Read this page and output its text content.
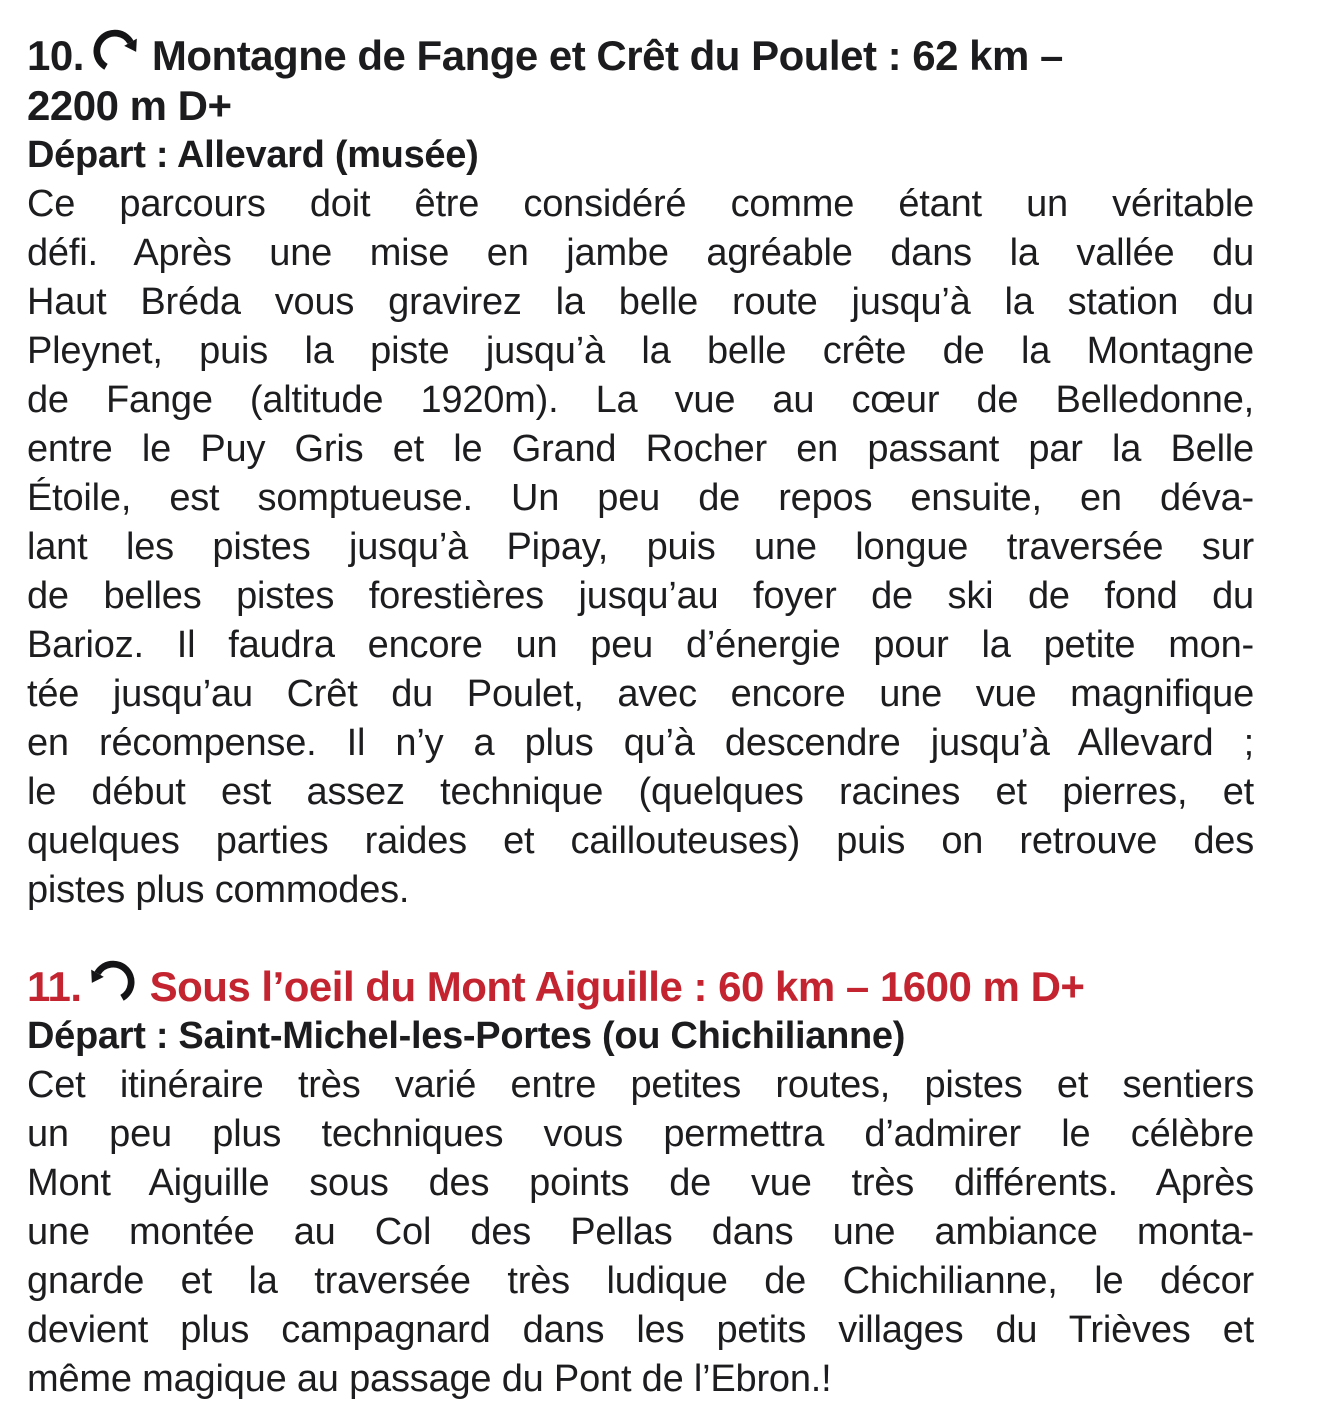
10. Montagne de Fange et Crêt du Poulet : 62 km –
2200 m D+
Départ : Allevard (musée)
Ce parcours doit être considéré comme étant un véritable
défi. Après une mise en jambe agréable dans la vallée du
Haut Bréda vous gravirez la belle route jusqu’à la station du
Pleynet, puis la piste jusqu’à la belle crête de la Montagne
de Fange (altitude 1920m). La vue au cœur de Belledonne,
entre le Puy Gris et le Grand Rocher en passant par la Belle
Étoile, est somptueuse. Un peu de repos ensuite, en déva-
lant les pistes jusqu’à Pipay, puis une longue traversée sur
de belles pistes forestières jusqu’au foyer de ski de fond du
Barioz. Il faudra encore un peu d’énergie pour la petite mon-
tée jusqu’au Crêt du Poulet, avec encore une vue magnifique
en récompense. Il n’y a plus qu’à descendre jusqu’à Allevard ;
le début est assez technique (quelques racines et pierres, et
quelques parties raides et caillouteuses) puis on retrouve des
pistes plus commodes.
11. Sous l’oeil du Mont Aiguille : 60 km – 1600 m D+
Départ : Saint-Michel-les-Portes (ou Chichilianne)
Cet itinéraire très varié entre petites routes, pistes et sentiers
un peu plus techniques vous permettra d’admirer le célèbre
Mont Aiguille sous des points de vue très différents. Après
une montée au Col des Pellas dans une ambiance monta-
gnarde et la traversée très ludique de Chichilianne, le décor
devient plus campagnard dans les petits villages du Trièves et
même magique au passage du Pont de l’Ebron.!
